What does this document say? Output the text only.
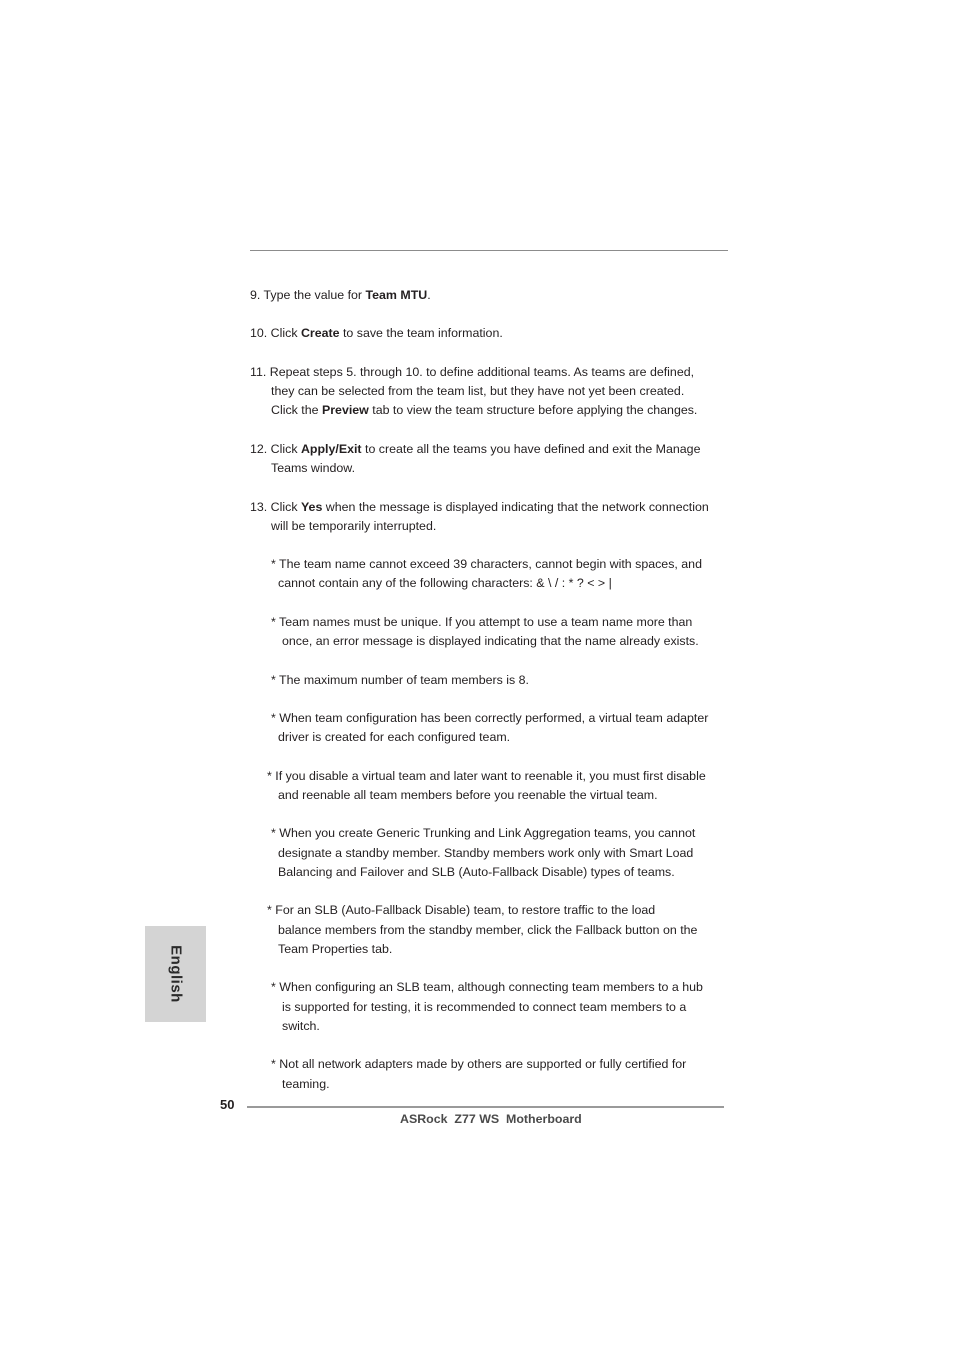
9. Type the value for Team MTU.
10. Click Create to save the team information.
11. Repeat steps 5. through 10. to define additional teams. As teams are defined,
they can be selected from the team list, but they have not yet been created.
Click the Preview tab to view the team structure before applying the changes.
12. Click Apply/Exit to create all the teams you have defined and exit the Manage
Teams window.
13. Click Yes when the message is displayed indicating that the network connection
will be temporarily interrupted.
* The team name cannot exceed 39 characters, cannot begin with spaces, and
cannot contain any of the following characters: & \ / : * ? < > |
* Team names must be unique. If you attempt to use a team name more than
once, an error message is displayed indicating that the name already exists.
* The maximum number of team members is 8.
* When team configuration has been correctly performed, a virtual team adapter
driver is created for each configured team.
* If you disable a virtual team and later want to reenable it, you must first disable
and reenable all team members before you reenable the virtual team.
* When you create Generic Trunking and Link Aggregation teams, you cannot
designate a standby member. Standby members work only with Smart Load
Balancing and Failover and SLB (Auto-Fallback Disable) types of teams.
* For an SLB (Auto-Fallback Disable) team, to restore traffic to the load
balance members from the standby member, click the Fallback button on the
Team Properties tab.
* When configuring an SLB team, although connecting team members to a hub
is supported for testing, it is recommended to connect team members to a
switch.
* Not all network adapters made by others are supported or fully certified for
teaming.
English
50
ASRock  Z77 WS  Motherboard
